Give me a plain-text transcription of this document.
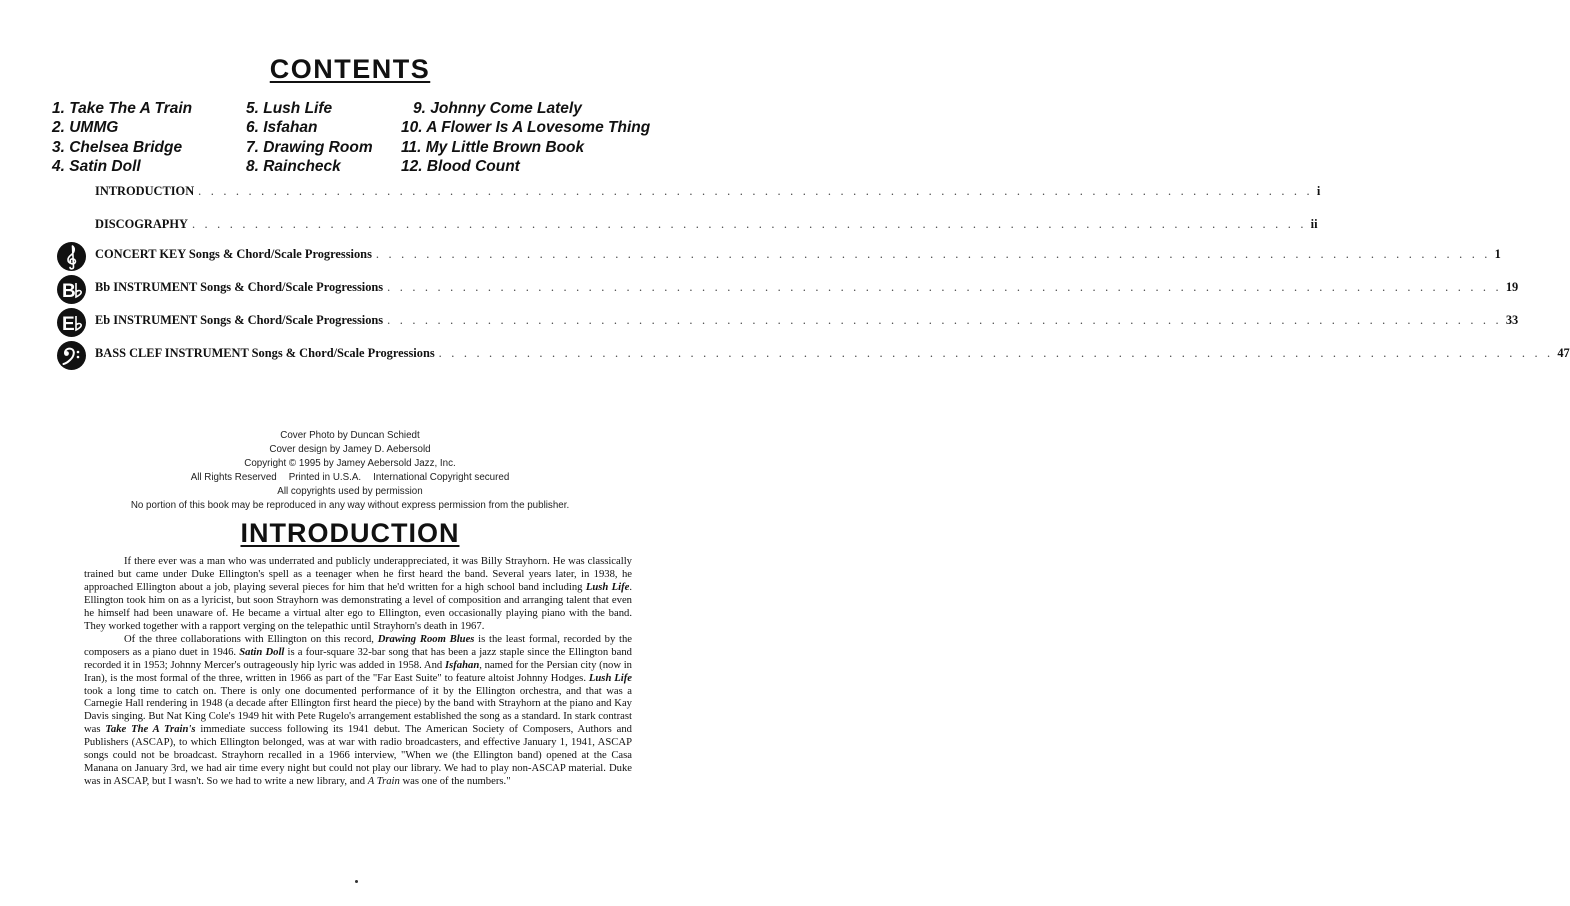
CONTENTS
1. Take The A Train
2. UMMG
3. Chelsea Bridge
4. Satin Doll
5. Lush Life
6. Isfahan
7. Drawing Room
8. Raincheck
9. Johnny Come Lately
10. A Flower Is A Lovesome Thing
11. My Little Brown Book
12. Blood Count
INTRODUCTION . . . . . . . . . . . . . . . . . . . . . . . . . . . . . . . . . . . . . . . . . . . . . . . . . . . . . . . . . . . . . . . . . . . . . . . . . . . . . . . . . . . . . . . . . i
DISCOGRAPHY . . . . . . . . . . . . . . . . . . . . . . . . . . . . . . . . . . . . . . . . . . . . . . . . . . . . . . . . . . . . . . . . . . . . . . . . . . . . . . . . . . . . . . . . . ii
CONCERT KEY Songs & Chord/Scale Progressions . . . . . . . . . . . . . . . . . . . . . . . . . . . . . . . . . . . . . . . . . . . . . . . . . . . . . . . . . . . . . . . . . . . . . . . . . . . . . . . . . . . . . . . . . 1
B Bb INSTRUMENT Songs & Chord/Scale Progressions . . . . . . . . . . . . . . . . . . . . . . . . . . . . . . . . . . . . . . . . . . . . . . . . . . . . . . . . . . . . . . . . . . . . . . . . . . . . . . . . . . . . . . . . . 19
E Eb INSTRUMENT Songs & Chord/Scale Progressions . . . . . . . . . . . . . . . . . . . . . . . . . . . . . . . . . . . . . . . . . . . . . . . . . . . . . . . . . . . . . . . . . . . . . . . . . . . . . . . . . . . . . . . . . 33
BASS CLEF INSTRUMENT Songs & Chord/Scale Progressions . . . . . . . . . . . . . . . . . . . . . . . . . . . . . . . . . . . . . . . . . . . . . . . . . . . . . . . . . . . . . . . . . . . . . . . . . . . . . . . . . . . . . . . . . 47
Cover Photo by Duncan Schiedt
Cover design by Jamey D. Aebersold
Copyright © 1995 by Jamey Aebersold Jazz, Inc.
All Rights Reserved Printed in U.S.A. International Copyright secured
All copyrights used by permission
No portion of this book may be reproduced in any way without express permission from the publisher.
INTRODUCTION

If there ever was a man who was underrated and publicly underappreciated, it was Billy Strayhorn. He was classically trained but came under Duke Ellington's spell as a teenager when he first heard the band. Several years later, in 1938, he approached Ellington about a job, playing several pieces for him that he'd written for a high school band including Lush Life. Ellington took him on as a lyricist, but soon Strayhorn was demonstrating a level of composition and arranging talent that even he himself had been unaware of. He became a virtual alter ego to Ellington, even occasionally playing piano with the band. They worked together with a rapport verging on the telepathic until Strayhorn's death in 1967.

Of the three collaborations with Ellington on this record, Drawing Room Blues is the least formal, recorded by the composers as a piano duet in 1946. Satin Doll is a four-square 32-bar song that has been a jazz staple since the Ellington band recorded it in 1953; Johnny Mercer's outrageously hip lyric was added in 1958. And Isfahan, named for the Persian city (now in Iran), is the most formal of the three, written in 1966 as part of the "Far East Suite" to feature altoist Johnny Hodges. Lush Life took a long time to catch on. There is only one documented performance of it by the Ellington orchestra, and that was a Carnegie Hall rendering in 1948 (a decade after Ellington first heard the piece) by the band with Strayhorn at the piano and Kay Davis singing. But Nat King Cole's 1949 hit with Pete Rugelo's arrangement established the song as a standard. In stark contrast was Take The A Train's immediate success following its 1941 debut. The American Society of Composers, Authors and Publishers (ASCAP), to which Ellington belonged, was at war with radio broadcasters, and effective January 1, 1941, ASCAP songs could not be broadcast. Strayhorn recalled in a 1966 interview, "When we (the Ellington band) opened at the Casa Manana on January 3rd, we had air time every night but could not play our library. We had to play non-ASCAP material. Duke was in ASCAP, but I wasn't. So we had to write a new library, and A Train was one of the numbers."
